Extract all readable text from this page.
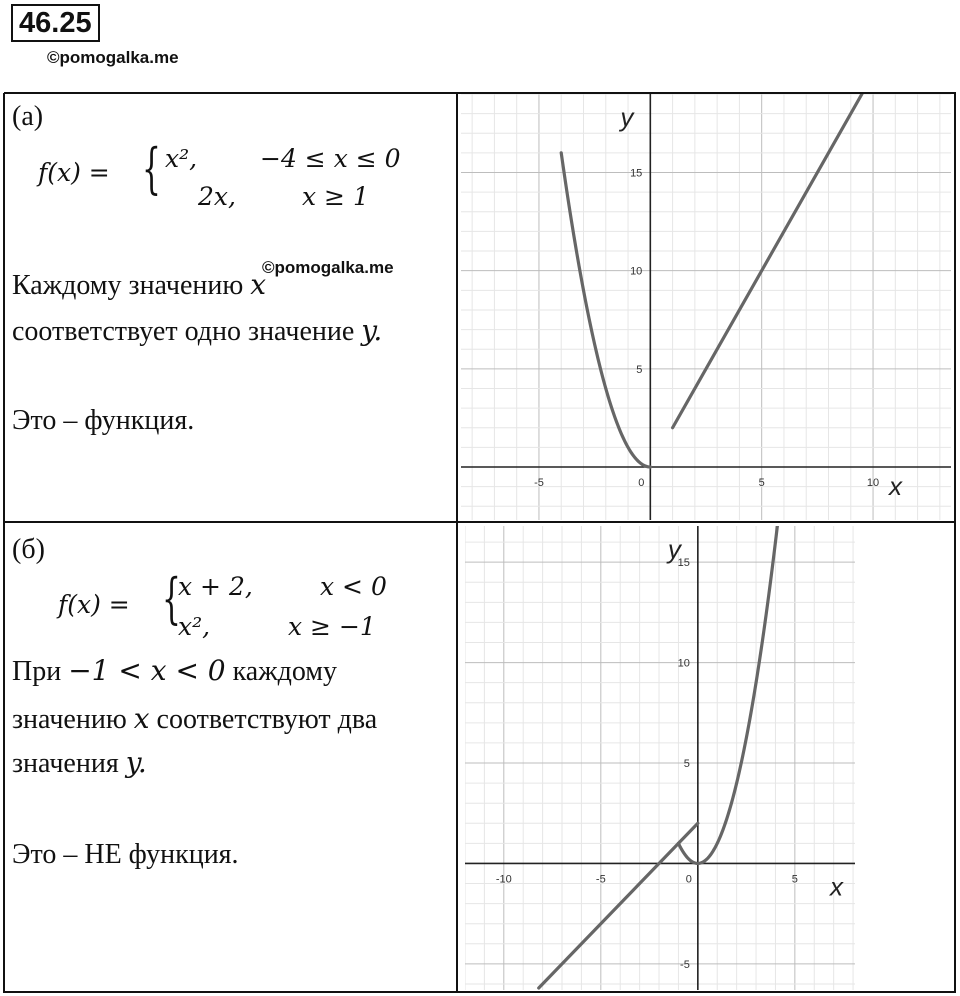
46.25
©pomogalka.me
(а)
f(x) = { x²,	−4 ≤ x ≤ 0
2x,	x ≥ 1
©pomogalka.me
Каждому значению x
соответствует одно значение y.
Это – функция.
-5	0	5	10
5
10
15
x
y
(б)
f(x) = {
x + 2,	x < 0
x²,	x ≥ −1
При −1 < x < 0 каждому
значению x соответствуют два
значения y.
Это – НЕ функция.
-10	-5	0	5
-5
5
10
15
x
y
